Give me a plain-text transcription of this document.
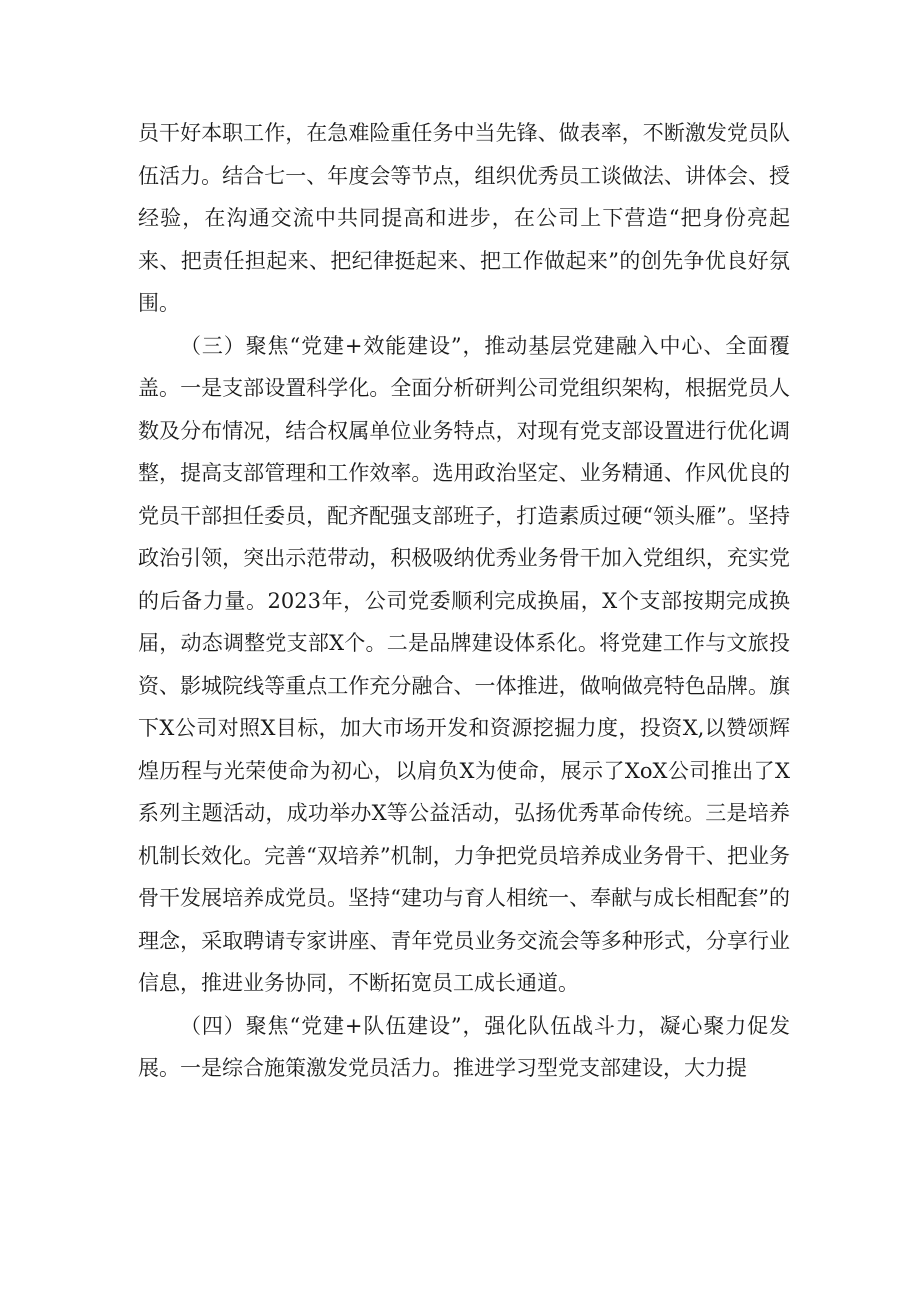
员干好本职工作，在急难险重任务中当先锋、做表率，不断激发党员队伍活力。结合七一、年度会等节点，组织优秀员工谈做法、讲体会、授经验，在沟通交流中共同提高和进步，在公司上下营造“把身份亮起来、把责任担起来、把纪律挺起来、把工作做起来”的创先争优良好氛围。

（三）聚焦“党建+效能建设”，推动基层党建融入中心、全面覆盖。一是支部设置科学化。全面分析研判公司党组织架构，根据党员人数及分布情况，结合权属单位业务特点，对现有党支部设置进行优化调整，提高支部管理和工作效率。选用政治坚定、业务精通、作风优良的党员干部担任委员，配齐配强支部班子，打造素质过硬“领头雁”。坚持政治引领，突出示范带动，积极吸纳优秀业务骨干加入党组织，充实党的后备力量。2023年，公司党委顺利完成换届，X个支部按期完成换届，动态调整党支部X个。二是品牌建设体系化。将党建工作与文旅投资、影城院线等重点工作充分融合、一体推进，做响做亮特色品牌。旗下X公司对照X目标，加大市场开发和资源挖掘力度，投资X,以赞颂辉煌历程与光荣使命为初心，以肩负X为使命，展示了XoX公司推出了X系列主题活动，成功举办X等公益活动，弘扬优秀革命传统。三是培养机制长效化。完善“双培养”机制，力争把党员培养成业务骨干、把业务骨干发展培养成党员。坚持“建功与育人相统一、奉献与成长相配套”的理念，采取聘请专家讲座、青年党员业务交流会等多种形式，分享行业信息，推进业务协同，不断拓宽员工成长通道。

（四）聚焦“党建+队伍建设”，强化队伍战斗力，凝心聚力促发展。一是综合施策激发党员活力。推进学习型党支部建设，大力提
